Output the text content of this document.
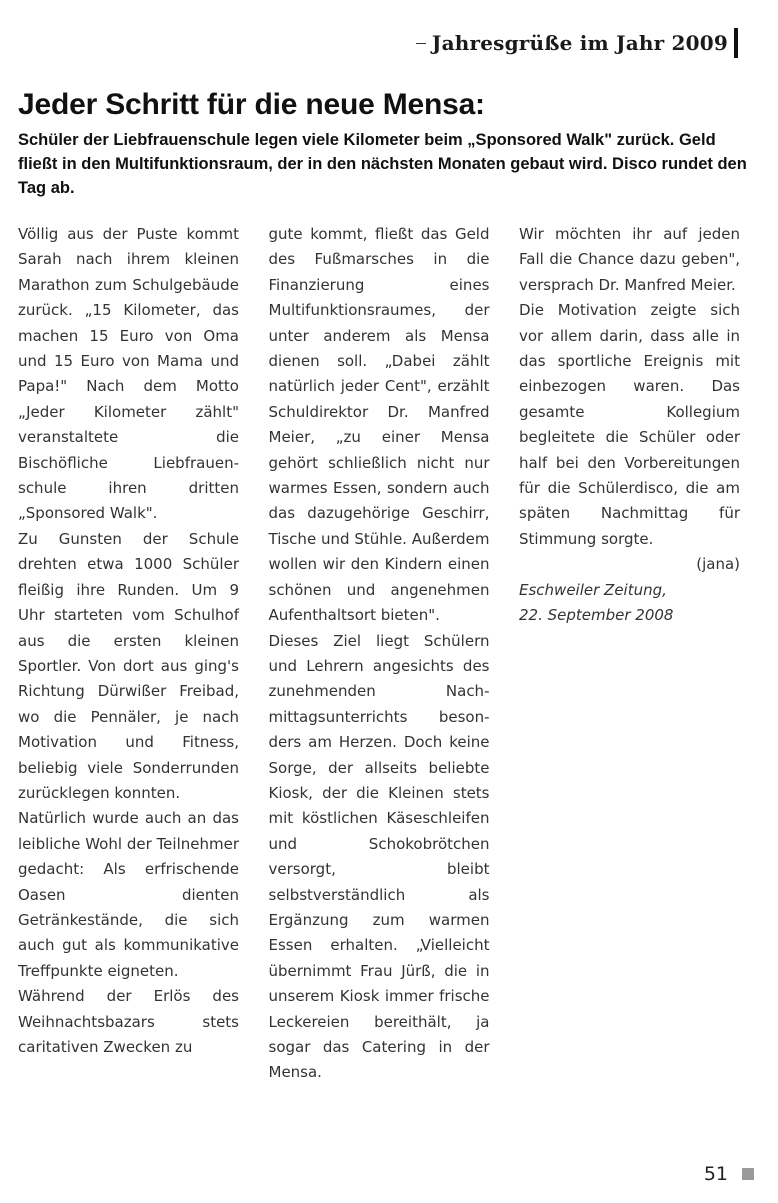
Jahresgrüße im Jahr 2009
Jeder Schritt für die neue Mensa:

Schüler der Liebfrauenschule legen viele Kilometer beim „Sponsored Walk" zurück. Geld fließt in den Multifunktionsraum, der in den nächsten Monaten gebaut wird. Disco rundet den Tag ab.

Völlig aus der Puste kommt Sarah nach ihrem kleinen Marathon zum Schulgebäude zurück. „15 Kilometer, das machen 15 Euro von Oma und 15 Euro von Mama und Papa!" Nach dem Motto „Jeder Kilometer zählt" veranstaltete die Bischöfliche Liebfrauenschule ihren dritten „Sponsored Walk".

Zu Gunsten der Schule drehten etwa 1000 Schüler fleißig ihre Runden. Um 9 Uhr starteten vom Schulhof aus die ersten kleinen Sportler. Von dort aus ging's Richtung Dürwißer Freibad, wo die Pennäler, je nach Motivation und Fitness, beliebig viele Sonderrunden zurücklegen konnten.

Natürlich wurde auch an das leibliche Wohl der Teilnehmer gedacht: Als erfrischende Oasen dienten Getränkestände, die sich auch gut als kommunikative Treffpunkte eigneten.

Während der Erlös des Weihnachtsbazars stets caritativen Zwecken zu

gute kommt, fließt das Geld des Fußmarsches in die Finanzierung eines Multifunktionsraumes, der unter anderem als Mensa dienen soll. „Dabei zählt natürlich jeder Cent", erzählt Schuldirektor Dr. Manfred Meier, „zu einer Mensa gehört schließlich nicht nur warmes Essen, sondern auch das dazugehörige Geschirr, Tische und Stühle. Außerdem wollen wir den Kindern einen schönen und angenehmen Aufenthaltsort bieten".

Dieses Ziel liegt Schülern und Lehrern angesichts des zunehmenden Nachmittagsunterrichts besonders am Herzen. Doch keine Sorge, der allseits beliebte Kiosk, der die Kleinen stets mit köstlichen Käseschleifen und Schokobrötchen versorgt, bleibt selbstverständlich als Ergänzung zum warmen Essen erhalten. „Vielleicht übernimmt Frau Jürß, die in unserem Kiosk immer frische Leckereien bereithält, ja sogar das Catering in der Mensa.

Wir möchten ihr auf jeden Fall die Chance dazu geben", versprach Dr. Manfred Meier.

Die Motivation zeigte sich vor allem darin, dass alle in das sportliche Ereignis mit einbezogen waren. Das gesamte Kollegium begleitete die Schüler oder half bei den Vorbereitungen für die Schülerdisco, die am späten Nachmittag für Stimmung sorgte.

(jana)

Eschweiler Zeitung,
22. September 2008

51
